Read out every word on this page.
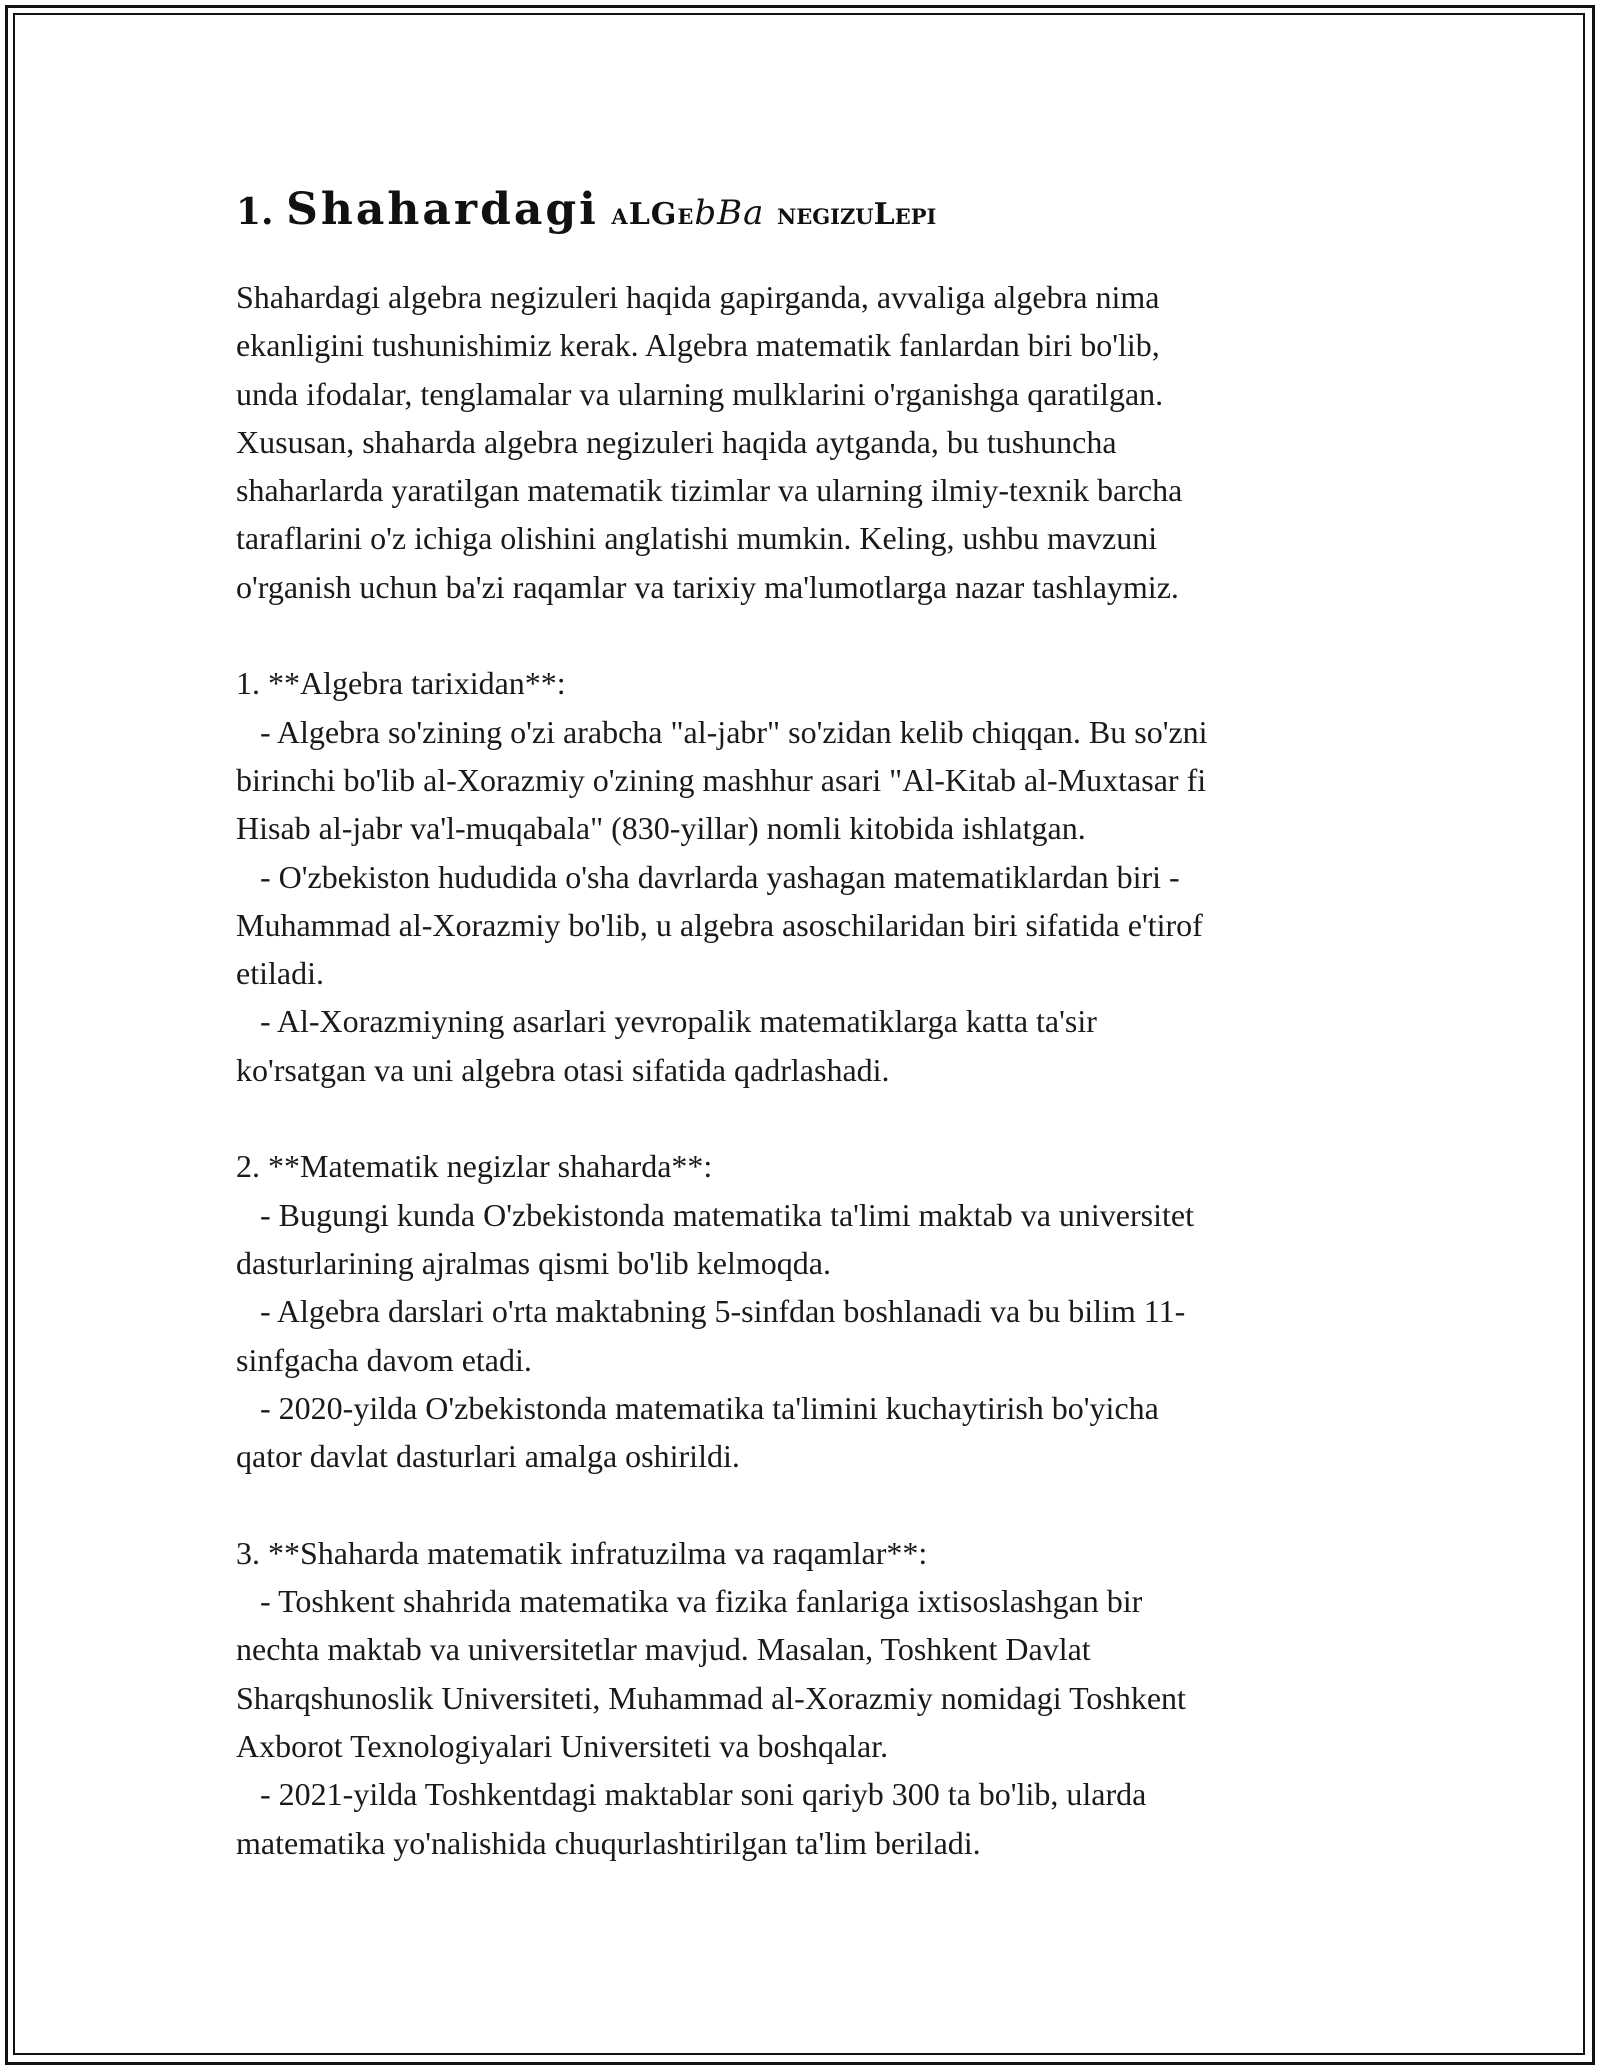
1. Shahardagi aLGebBa negizuLepi
Shahardagi algebra negizuleri haqida gapirganda, avvaliga algebra nima
ekanligini tushunishimiz kerak. Algebra matematik fanlardan biri bo'lib,
unda ifodalar, tenglamalar va ularning mulklarini o'rganishga qaratilgan.
Xususan, shaharda algebra negizuleri haqida aytganda, bu tushuncha
shaharlarda yaratilgan matematik tizimlar va ularning ilmiy-texnik barcha
taraflarini o'z ichiga olishini anglatishi mumkin. Keling, ushbu mavzuni
o'rganish uchun ba'zi raqamlar va tarixiy ma'lumotlarga nazar tashlaymiz.
1. **Algebra tarixidan**:
- Algebra so'zining o'zi arabcha "al-jabr" so'zidan kelib chiqqan. Bu so'zni
birinchi bo'lib al-Xorazmiy o'zining mashhur asari "Al-Kitab al-Muxtasar fi
Hisab al-jabr va'l-muqabala" (830-yillar) nomli kitobida ishlatgan.
- O'zbekiston hududida o'sha davrlarda yashagan matematiklardan biri -
Muhammad al-Xorazmiy bo'lib, u algebra asoschilaridan biri sifatida e'tirof
etiladi.
- Al-Xorazmiyning asarlari yevropalik matematiklarga katta ta'sir
ko'rsatgan va uni algebra otasi sifatida qadrlashadi.
2. **Matematik negizlar shaharda**:
- Bugungi kunda O'zbekistonda matematika ta'limi maktab va universitet
dasturlarining ajralmas qismi bo'lib kelmoqda.
- Algebra darslari o'rta maktabning 5-sinfdan boshlanadi va bu bilim 11-
sinfgacha davom etadi.
- 2020-yilda O'zbekistonda matematika ta'limini kuchaytirish bo'yicha
qator davlat dasturlari amalga oshirildi.
3. **Shaharda matematik infratuzilma va raqamlar**:
- Toshkent shahrida matematika va fizika fanlariga ixtisoslashgan bir
nechta maktab va universitetlar mavjud. Masalan, Toshkent Davlat
Sharqshunoslik Universiteti, Muhammad al-Xorazmiy nomidagi Toshkent
Axborot Texnologiyalari Universiteti va boshqalar.
- 2021-yilda Toshkentdagi maktablar soni qariyb 300 ta bo'lib, ularda
matematika yo'nalishida chuqurlashtirilgan ta'lim beriladi.
